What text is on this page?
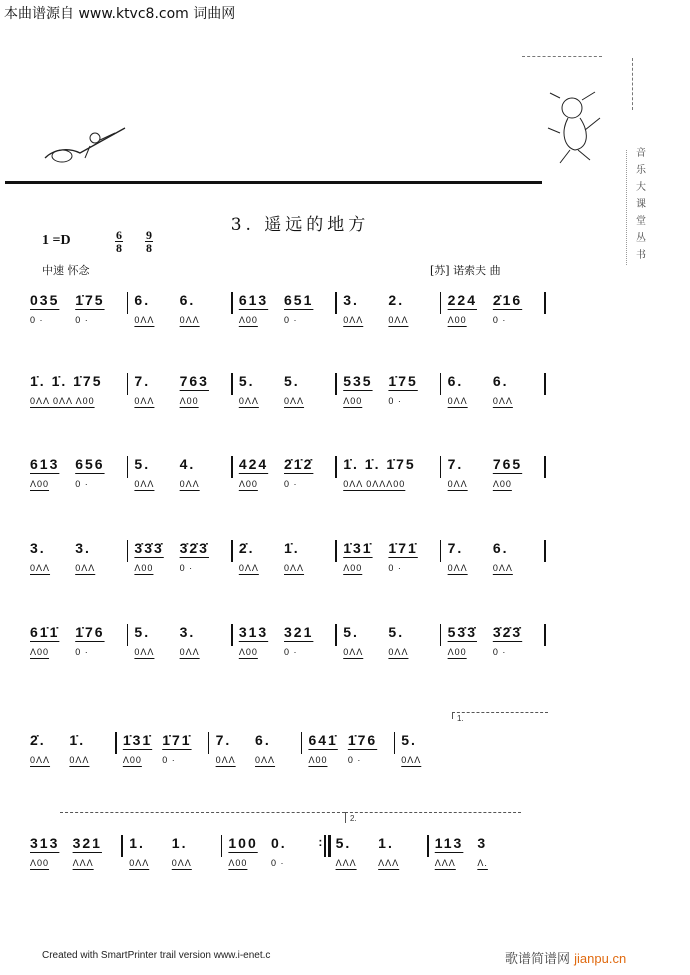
本曲谱源自 www.ktvc8.com 词曲网
音乐大课堂丛书
3. 遥远的地方
1 =D	$\frac{6}{8} \frac{9}{8}$
中速 怀念	[苏] 诺索夫 曲
035
0 ·
1̇75
0 ·
6.
0ΛΛ
6.
0ΛΛ
613
Λ00
651
0 ·
3.
0ΛΛ
2.
0ΛΛ
224
Λ00
2̇16
0 ·
1̇. 1̇. 1̇75
0ΛΛ 0ΛΛ Λ00
7.
0ΛΛ
763
Λ00
5.
0ΛΛ
5.
0ΛΛ
535
Λ00
1̇75
0 ·
6.
0ΛΛ
6.
0ΛΛ
613
Λ00
656
0 ·
5.
0ΛΛ
4.
0ΛΛ
424
Λ00
2̇1̇2̇
0 ·
1̇. 1̇. 1̇75
0ΛΛ 0ΛΛΛ00
7.
0ΛΛ
765
Λ00
3.
0ΛΛ
3.
0ΛΛ
3̇3̇3̇
Λ00
3̇2̇3̇
0 ·
2̇.
0ΛΛ
1̇.
0ΛΛ
1̇31̇
Λ00
1̇71̇
0 ·
7.
0ΛΛ
6.
0ΛΛ
61̇1̇
Λ00
1̇76
0 ·
5.
0ΛΛ
3.
0ΛΛ
313
Λ00
321
0 ·
5.
0ΛΛ
5.
0ΛΛ
53̇3̇
Λ00
3̇2̇3̇
0 ·
2̇.
0ΛΛ
1̇.
0ΛΛ
1̇31̇
Λ00
1̇71̇
0 ·
7.
0ΛΛ
6.
0ΛΛ
641̇
Λ00
1̇76
0 ·
5.
0ΛΛ
313
Λ00
321
ΛΛΛ
1.
0ΛΛ
1.
0ΛΛ
100
Λ00
0.
0 ·
: 5.
ΛΛΛ
1.
ΛΛΛ
113
ΛΛΛ
3
Λ.
1.
2.
Created with SmartPrinter trail version www.i-enet.c	歌谱简谱网 jianpu.cn
